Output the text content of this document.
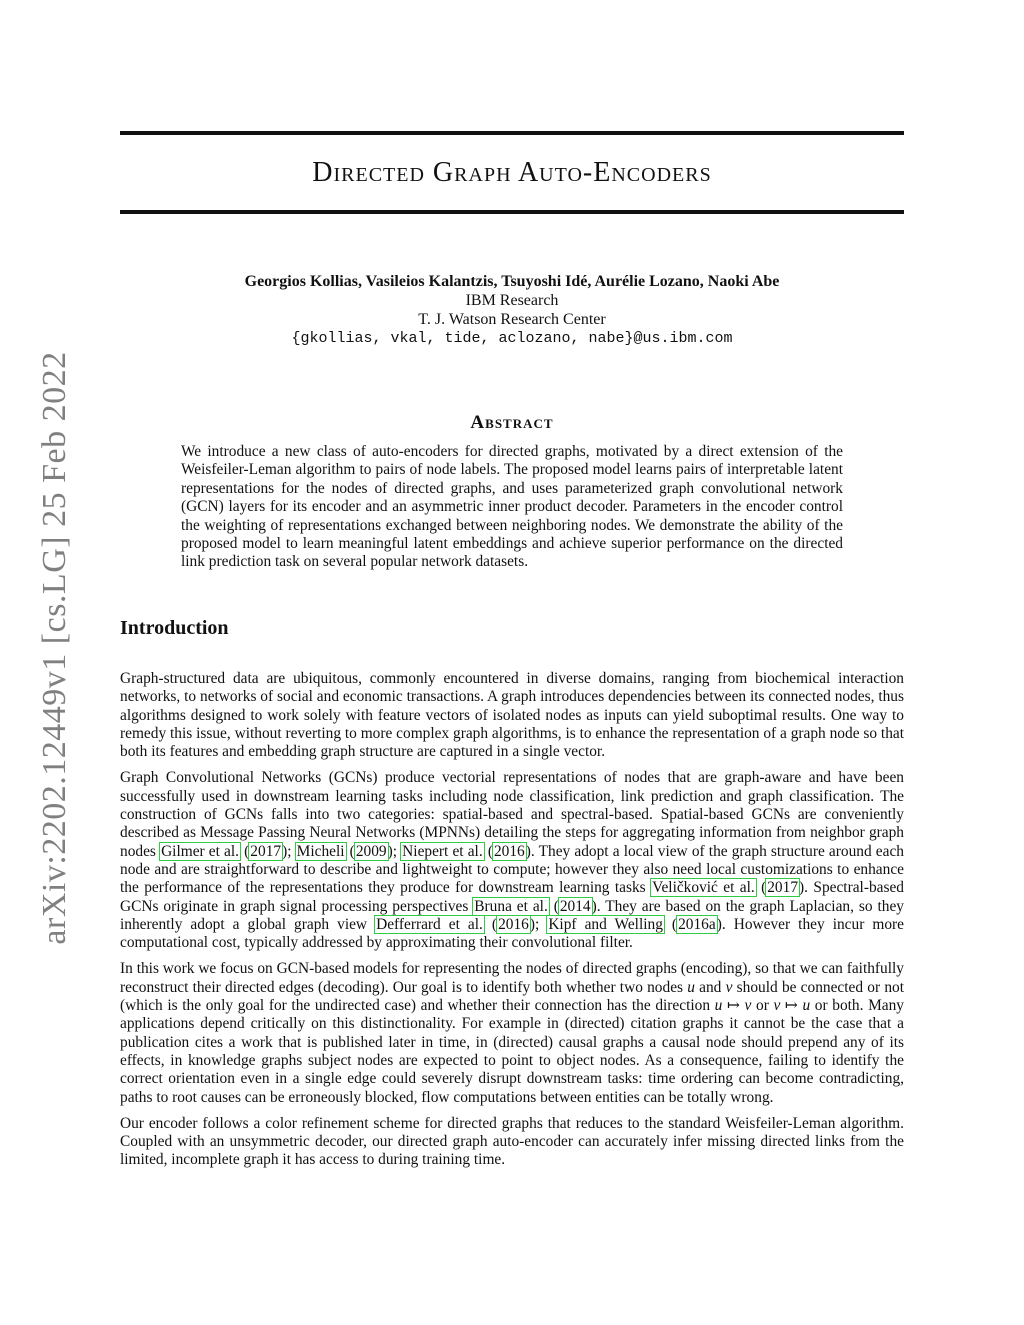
arXiv:2202.12449v1 [cs.LG] 25 Feb 2022
Directed Graph Auto-Encoders
Georgios Kollias, Vasileios Kalantzis, Tsuyoshi Idé, Aurélie Lozano, Naoki Abe
IBM Research
T. J. Watson Research Center
{gkollias, vkal, tide, aclozano, nabe}@us.ibm.com
Abstract
We introduce a new class of auto-encoders for directed graphs, motivated by a direct extension of the Weisfeiler-Leman algorithm to pairs of node labels. The proposed model learns pairs of interpretable latent representations for the nodes of directed graphs, and uses parameterized graph convolutional network (GCN) layers for its encoder and an asymmetric inner product decoder. Parameters in the encoder control the weighting of representations exchanged between neighboring nodes. We demonstrate the ability of the proposed model to learn meaningful latent embeddings and achieve superior performance on the directed link prediction task on several popular network datasets.
Introduction

Graph-structured data are ubiquitous, commonly encountered in diverse domains, ranging from biochemical interaction networks, to networks of social and economic transactions. A graph introduces dependencies between its connected nodes, thus algorithms designed to work solely with feature vectors of isolated nodes as inputs can yield suboptimal results. One way to remedy this issue, without reverting to more complex graph algorithms, is to enhance the representation of a graph node so that both its features and embedding graph structure are captured in a single vector.

Graph Convolutional Networks (GCNs) produce vectorial representations of nodes that are graph-aware and have been successfully used in downstream learning tasks including node classification, link prediction and graph classification. The construction of GCNs falls into two categories: spatial-based and spectral-based. Spatial-based GCNs are conveniently described as Message Passing Neural Networks (MPNNs) detailing the steps for aggregating information from neighbor graph nodes Gilmer et al. (2017); Micheli (2009); Niepert et al. (2016). They adopt a local view of the graph structure around each node and are straightforward to describe and lightweight to compute; however they also need local customizations to enhance the performance of the representations they produce for downstream learning tasks Veličković et al. (2017). Spectral-based GCNs originate in graph signal processing perspectives Bruna et al. (2014). They are based on the graph Laplacian, so they inherently adopt a global graph view Defferrard et al. (2016); Kipf and Welling (2016a). However they incur more computational cost, typically addressed by approximating their convolutional filter.

In this work we focus on GCN-based models for representing the nodes of directed graphs (encoding), so that we can faithfully reconstruct their directed edges (decoding). Our goal is to identify both whether two nodes u and v should be connected or not (which is the only goal for the undirected case) and whether their connection has the direction u ↦ v or v ↦ u or both. Many applications depend critically on this distinctionality. For example in (directed) citation graphs it cannot be the case that a publication cites a work that is published later in time, in (directed) causal graphs a causal node should prepend any of its effects, in knowledge graphs subject nodes are expected to point to object nodes. As a consequence, failing to identify the correct orientation even in a single edge could severely disrupt downstream tasks: time ordering can become contradicting, paths to root causes can be erroneously blocked, flow computations between entities can be totally wrong.

Our encoder follows a color refinement scheme for directed graphs that reduces to the standard Weisfeiler-Leman algorithm. Coupled with an unsymmetric decoder, our directed graph auto-encoder can accurately infer missing directed links from the limited, incomplete graph it has access to during training time.
